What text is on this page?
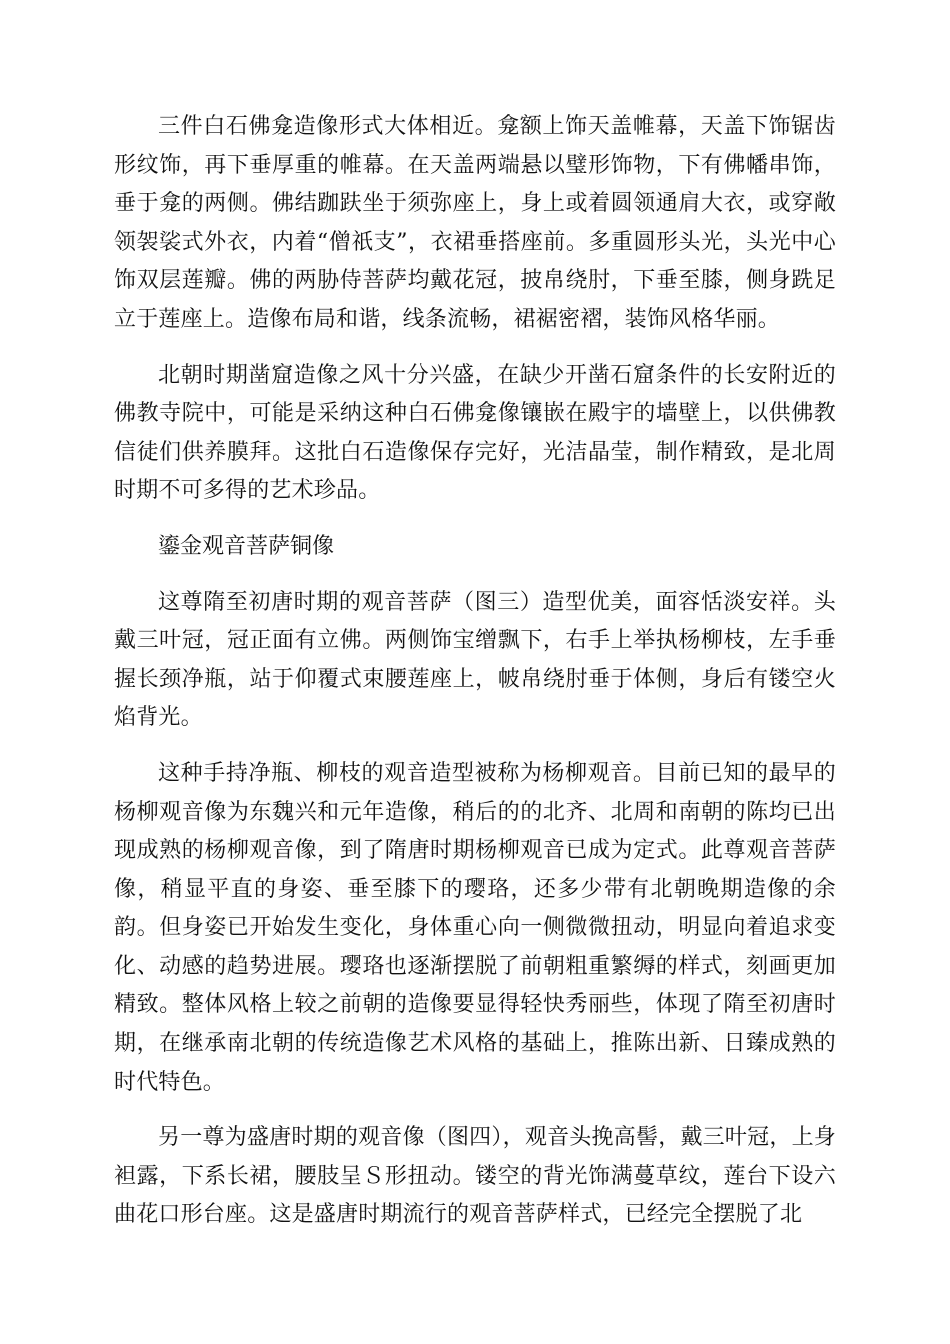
三件白石佛龛造像形式大体相近。龛额上饰天盖帷幕，天盖下饰锯齿形纹饰，再下垂厚重的帷幕。在天盖两端悬以璧形饰物，下有佛幡串饰，垂于龛的两侧。佛结跏趺坐于须弥座上，身上或着圆领通肩大衣，或穿敞领袈裟式外衣，内着“僧祇支”，衣裙垂搭座前。多重圆形头光，头光中心饰双层莲瓣。佛的两胁侍菩萨均戴花冠，披帛绕肘，下垂至膝，侧身跣足立于莲座上。造像布局和谐，线条流畅，裙裾密褶，装饰风格华丽。

北朝时期凿窟造像之风十分兴盛，在缺少开凿石窟条件的长安附近的佛教寺院中，可能是采纳这种白石佛龛像镶嵌在殿宇的墙壁上，以供佛教信徒们供养膜拜。这批白石造像保存完好，光洁晶莹，制作精致，是北周时期不可多得的艺术珍品。

鎏金观音菩萨铜像

这尊隋至初唐时期的观音菩萨（图三）造型优美，面容恬淡安祥。头戴三叶冠，冠正面有立佛。两侧饰宝缯飘下，右手上举执杨柳枝，左手垂握长颈净瓶，站于仰覆式束腰莲座上，帔帛绕肘垂于体侧，身后有镂空火焰背光。

这种手持净瓶、柳枝的观音造型被称为杨柳观音。目前已知的最早的杨柳观音像为东魏兴和元年造像，稍后的的北齐、北周和南朝的陈均已出现成熟的杨柳观音像，到了隋唐时期杨柳观音已成为定式。此尊观音菩萨像，稍显平直的身姿、垂至膝下的璎珞，还多少带有北朝晚期造像的余韵。但身姿已开始发生变化，身体重心向一侧微微扭动，明显向着追求变化、动感的趋势进展。璎珞也逐渐摆脱了前朝粗重繁缛的样式，刻画更加精致。整体风格上较之前朝的造像要显得轻快秀丽些，体现了隋至初唐时期，在继承南北朝的传统造像艺术风格的基础上，推陈出新、日臻成熟的时代特色。

另一尊为盛唐时期的观音像（图四），观音头挽高髻，戴三叶冠，上身袒露，下系长裙，腰肢呈Ｓ形扭动。镂空的背光饰满蔓草纹，莲台下设六曲花口形台座。这是盛唐时期流行的观音菩萨样式，已经完全摆脱了北
